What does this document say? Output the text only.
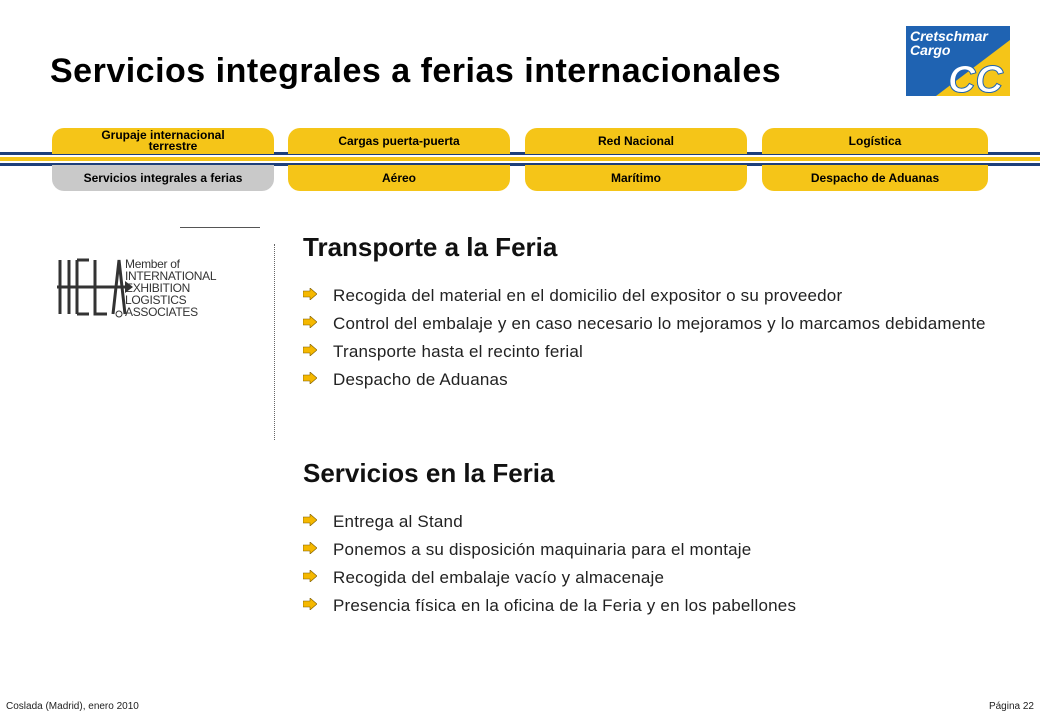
Servicios integrales a ferias internacionales	CC
Cretschmar
Cargo
Grupaje internacional
terrestre	Cargas puerta-puerta	Red Nacional	Logística
Servicios integrales a ferias	Aéreo	Marítimo	Despacho de Aduanas
Member of
INTERNATIONAL
EXHIBITION
LOGISTICS
ASSOCIATES
Transporte a la Feria
Recogida del material en el domicilio del expositor o su proveedor
Control del embalaje y en caso necesario lo mejoramos y lo marcamos debidamente
Transporte hasta el recinto ferial
Despacho de Aduanas
Servicios en la Feria
Entrega al Stand
Ponemos a su disposición maquinaria para el montaje
Recogida del embalaje vacío y almacenaje
Presencia física en la oficina de la Feria y en los pabellones
Coslada (Madrid), enero 2010	Página 22
